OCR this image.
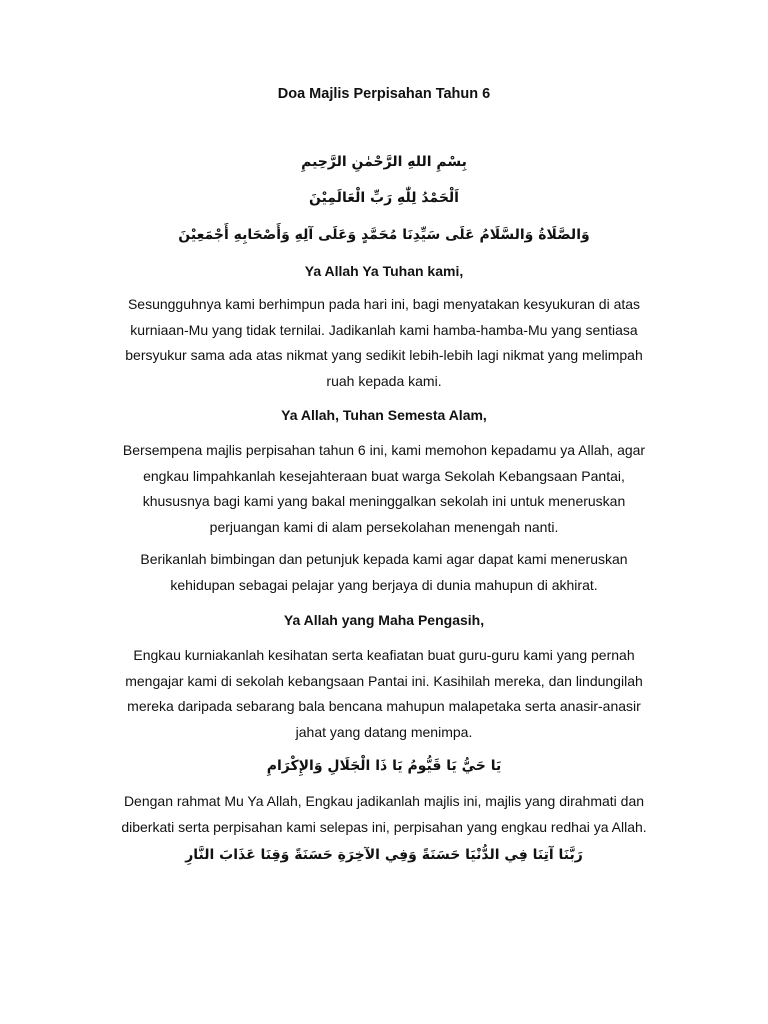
Doa Majlis Perpisahan Tahun 6
بِسْمِ اللهِ الرَّحْمٰنِ الرَّحِيمِ
اَلْحَمْدُ لِلّٰهِ رَبِّ الْعَالَمِيْنَ
وَالصَّلَاةُ وَالسَّلَامُ عَلَى سَيِّدِنَا مُحَمَّدٍ وَعَلَى آلِهِ وَأَصْحَابِهِ أَجْمَعِيْنَ
Ya Allah Ya Tuhan kami,
Sesungguhnya kami berhimpun pada hari ini, bagi menyatakan kesyukuran di atas
kurniaan-Mu yang tidak ternilai. Jadikanlah kami hamba-hamba-Mu yang sentiasa
bersyukur sama ada atas nikmat yang sedikit lebih-lebih lagi nikmat yang melimpah
ruah kepada kami.
Ya Allah, Tuhan Semesta Alam,
Bersempena majlis perpisahan tahun 6 ini, kami memohon kepadamu ya Allah, agar
engkau limpahkanlah kesejahteraan buat warga Sekolah Kebangsaan Pantai,
khususnya bagi kami yang bakal meninggalkan sekolah ini untuk meneruskan
perjuangan kami di alam persekolahan menengah nanti.
Berikanlah bimbingan dan petunjuk kepada kami agar dapat kami meneruskan
kehidupan sebagai pelajar yang berjaya di dunia mahupun di akhirat.
Ya Allah yang Maha Pengasih,
Engkau kurniakanlah kesihatan serta keafiatan buat guru-guru kami yang pernah
mengajar kami di sekolah kebangsaan Pantai ini. Kasihilah mereka, dan lindungilah
mereka daripada sebarang bala bencana mahupun malapetaka serta anasir-anasir
jahat yang datang menimpa.
يَا حَيُّ يَا قَيُّومُ يَا ذَا الْجَلَالِ وَالإِكْرَامِ
Dengan rahmat Mu Ya Allah, Engkau jadikanlah majlis ini, majlis yang dirahmati dan
diberkati serta perpisahan kami selepas ini, perpisahan yang engkau redhai ya Allah.
رَبَّنَا آتِنَا فِي الدُّنْيَا حَسَنَةً وَفِي الآخِرَةِ حَسَنَةً وَقِنَا عَذَابَ النَّارِ
